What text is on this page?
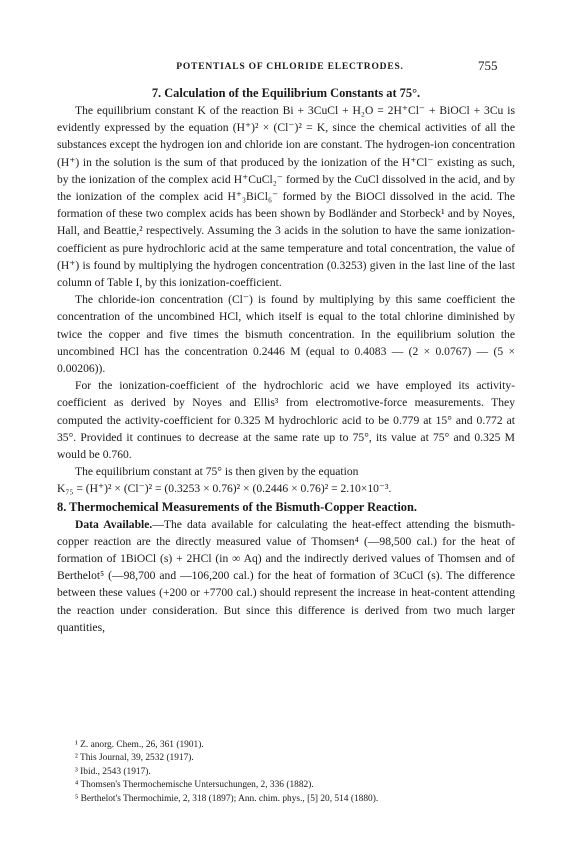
POTENTIALS OF CHLORIDE ELECTRODES.	755
7. Calculation of the Equilibrium Constants at 75°.

The equilibrium constant K of the reaction Bi + 3CuCl + H₂O = 2H⁺Cl⁻ + BiOCl + 3Cu is evidently expressed by the equation (H⁺)² × (Cl⁻)² = K, since the chemical activities of all the substances except the hydrogen ion and chloride ion are constant. The hydrogen-ion concentration (H⁺) in the solution is the sum of that produced by the ionization of the H⁺Cl⁻ existing as such, by the ionization of the complex acid H⁺CuCl₂⁻ formed by the CuCl dissolved in the acid, and by the ionization of the complex acid H⁺₃BiCl₆⁻ formed by the BiOCl dissolved in the acid. The formation of these two complex acids has been shown by Bodländer and Storbeck¹ and by Noyes, Hall, and Beattie,² respectively. Assuming the 3 acids in the solution to have the same ionization-coefficient as pure hydrochloric acid at the same temperature and total concentration, the value of (H⁺) is found by multiplying the hydrogen concentration (0.3253) given in the last line of the last column of Table I, by this ionization-coefficient.

The chloride-ion concentration (Cl⁻) is found by multiplying by this same coefficient the concentration of the uncombined HCl, which itself is equal to the total chlorine diminished by twice the copper and five times the bismuth concentration. In the equilibrium solution the uncombined HCl has the concentration 0.2446 M (equal to 0.4083 — (2 × 0.0767) — (5 × 0.00206)).

For the ionization-coefficient of the hydrochloric acid we have employed its activity-coefficient as derived by Noyes and Ellis³ from electromotive-force measurements. They computed the activity-coefficient for 0.325 M hydrochloric acid to be 0.779 at 15° and 0.772 at 35°. Provided it continues to decrease at the same rate up to 75°, its value at 75° and 0.325 M would be 0.760.

The equilibrium constant at 75° is then given by the equation

K₇₅ = (H⁺)² × (Cl⁻)² = (0.3253 × 0.76)² × (0.2446 × 0.76)² = 2.10×10⁻³.

8. Thermochemical Measurements of the Bismuth-Copper Reaction.

Data Available.—The data available for calculating the heat-effect attending the bismuth-copper reaction are the directly measured value of Thomsen⁴ (—98,500 cal.) for the heat of formation of 1BiOCl (s) + 2HCl (in ∞ Aq) and the indirectly derived values of Thomsen and of Berthelot⁵ (—98,700 and —106,200 cal.) for the heat of formation of 3CuCl (s). The difference between these values (+200 or +7700 cal.) should represent the increase in heat-content attending the reaction under consideration. But since this difference is derived from two much larger quantities,

¹ Z. anorg. Chem., 26, 361 (1901).
² This Journal, 39, 2532 (1917).
³ Ibid., 2543 (1917).
⁴ Thomsen's Thermochemische Untersuchungen, 2, 336 (1882).
⁵ Berthelot's Thermochimie, 2, 318 (1897); Ann. chim. phys., [5] 20, 514 (1880).
